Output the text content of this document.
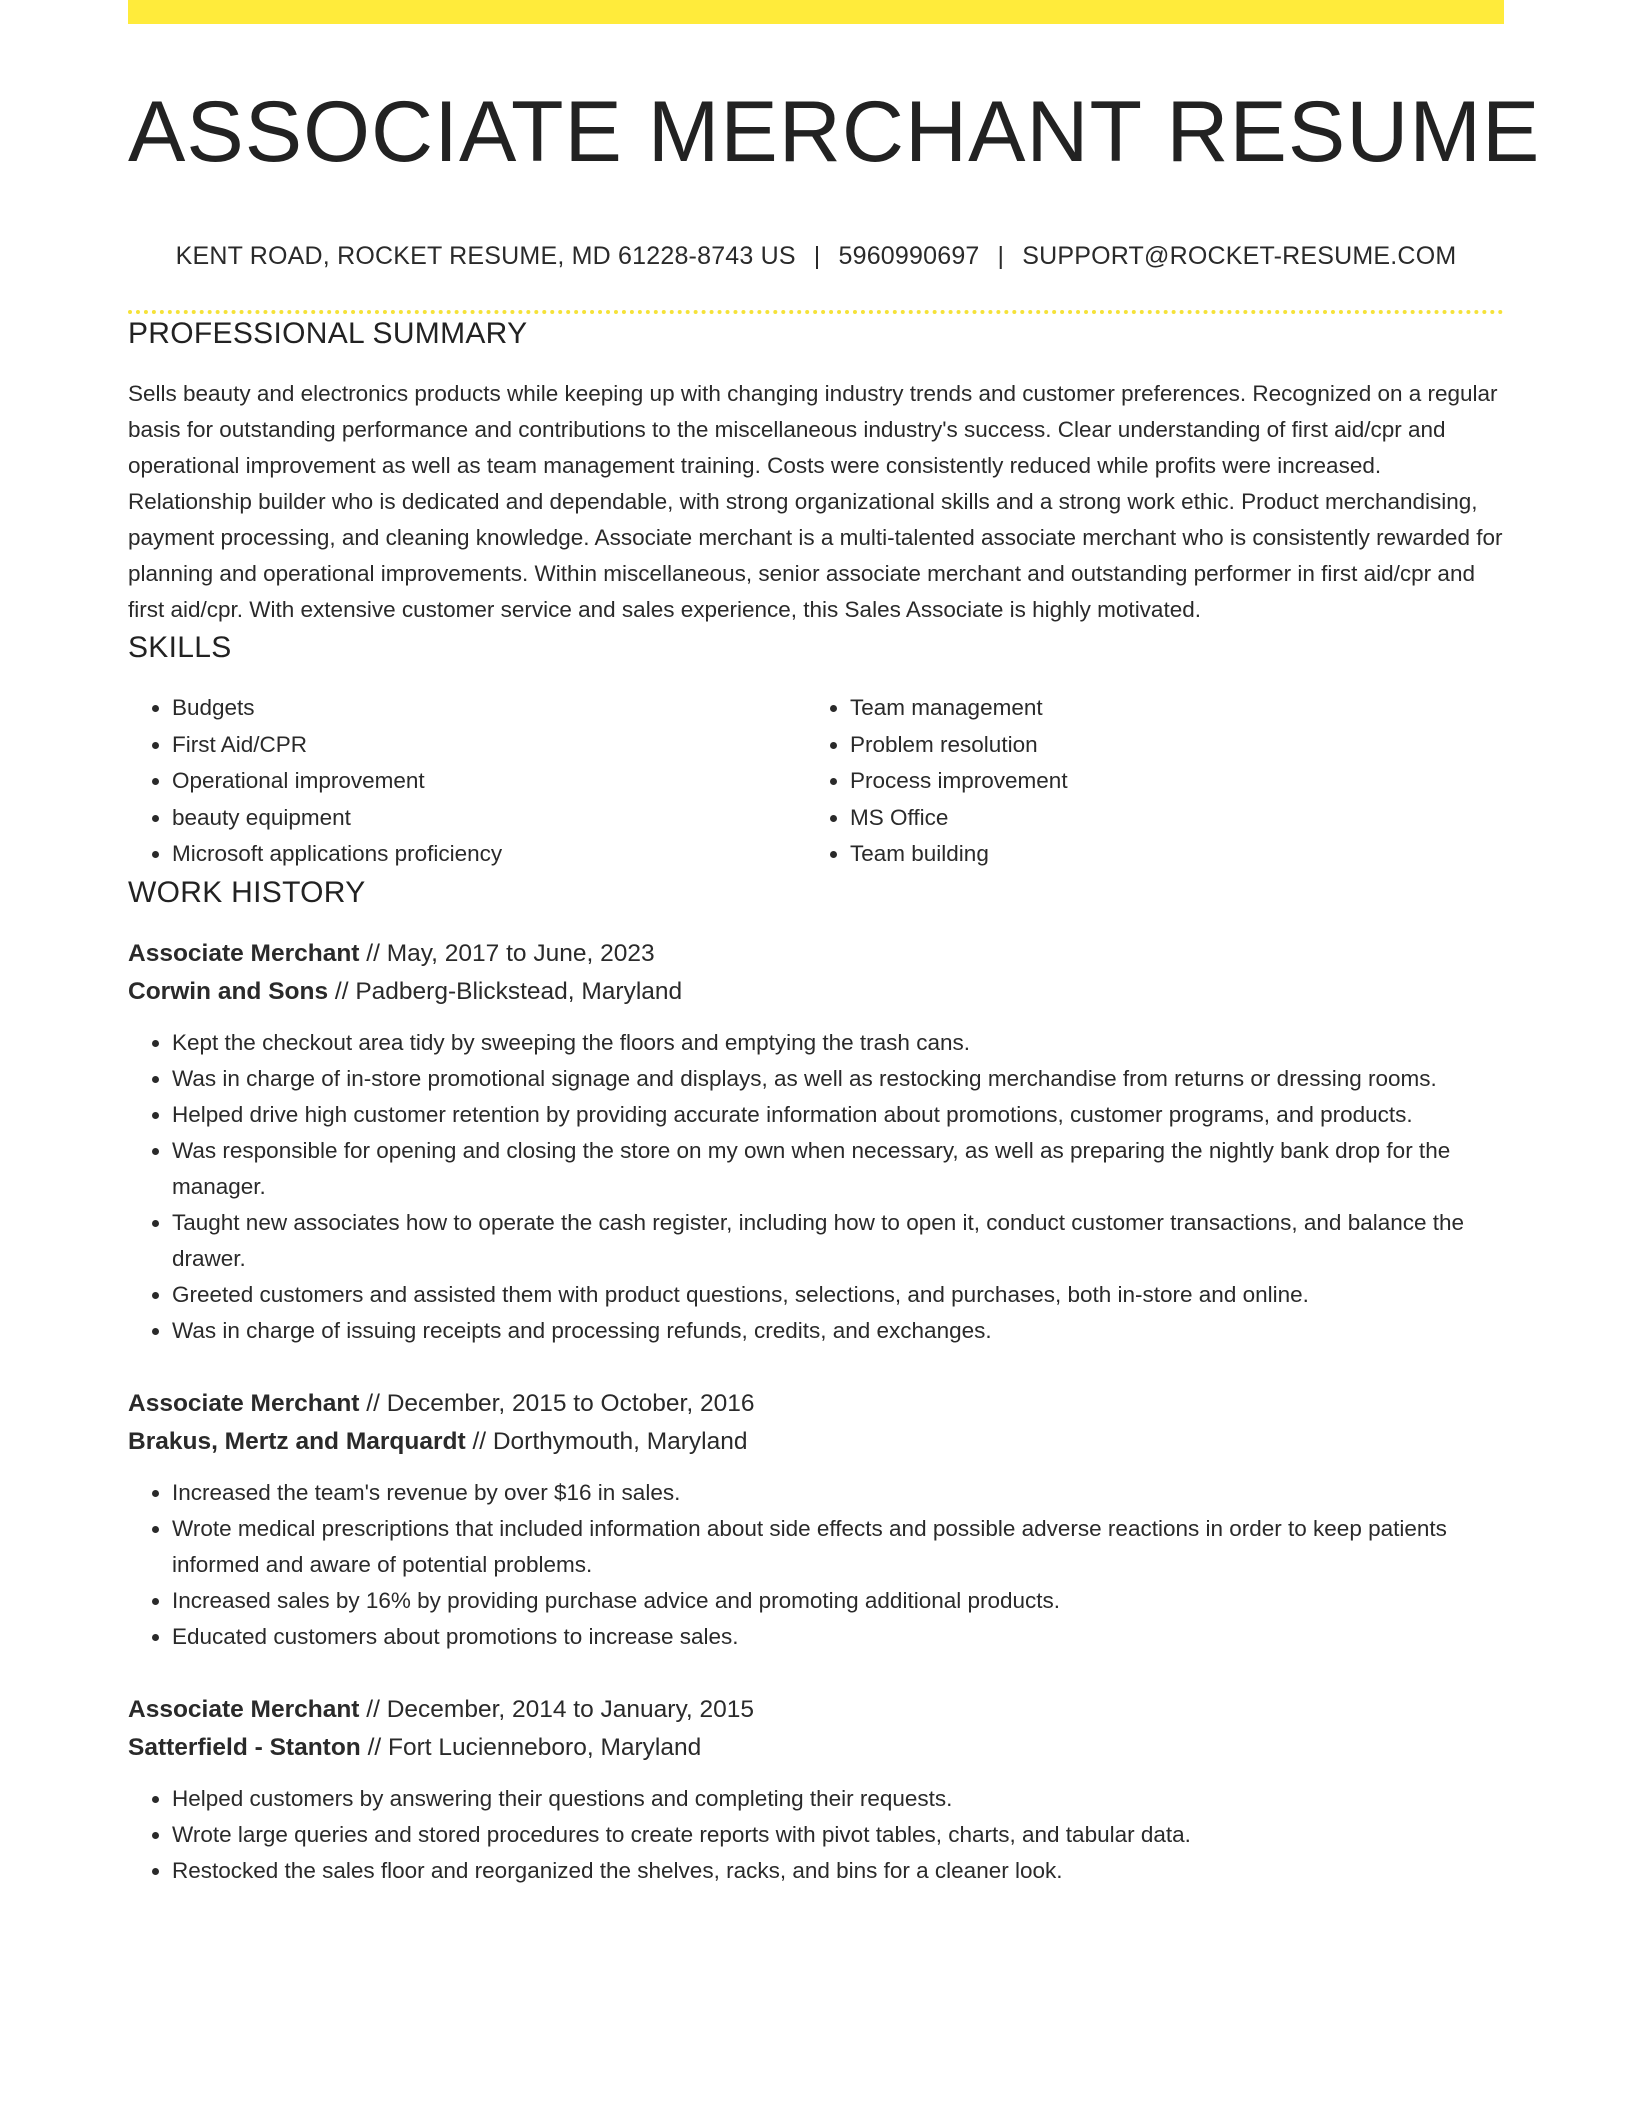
ASSOCIATE MERCHANT RESUME
KENT ROAD, ROCKET RESUME, MD 61228-8743 US | 5960990697 | SUPPORT@ROCKET-RESUME.COM
PROFESSIONAL SUMMARY

Sells beauty and electronics products while keeping up with changing industry trends and customer preferences. Recognized on a regular basis for outstanding performance and contributions to the miscellaneous industry's success. Clear understanding of first aid/cpr and operational improvement as well as team management training. Costs were consistently reduced while profits were increased. Relationship builder who is dedicated and dependable, with strong organizational skills and a strong work ethic. Product merchandising, payment processing, and cleaning knowledge. Associate merchant is a multi-talented associate merchant who is consistently rewarded for planning and operational improvements. Within miscellaneous, senior associate merchant and outstanding performer in first aid/cpr and first aid/cpr. With extensive customer service and sales experience, this Sales Associate is highly motivated.

SKILLS
• Budgets
• First Aid/CPR
• Operational improvement
• beauty equipment
• Microsoft applications proficiency
• Team management
• Problem resolution
• Process improvement
• MS Office
• Team building
WORK HISTORY
Associate Merchant // May, 2017 to June, 2023
Corwin and Sons // Padberg-Blickstead, Maryland
• Kept the checkout area tidy by sweeping the floors and emptying the trash cans.
• Was in charge of in-store promotional signage and displays, as well as restocking merchandise from returns or dressing rooms.
• Helped drive high customer retention by providing accurate information about promotions, customer programs, and products.
• Was responsible for opening and closing the store on my own when necessary, as well as preparing the nightly bank drop for the manager.
• Taught new associates how to operate the cash register, including how to open it, conduct customer transactions, and balance the drawer.
• Greeted customers and assisted them with product questions, selections, and purchases, both in-store and online.
• Was in charge of issuing receipts and processing refunds, credits, and exchanges.
Associate Merchant // December, 2015 to October, 2016
Brakus, Mertz and Marquardt // Dorthymouth, Maryland
• Increased the team's revenue by over $16 in sales.
• Wrote medical prescriptions that included information about side effects and possible adverse reactions in order to keep patients informed and aware of potential problems.
• Increased sales by 16% by providing purchase advice and promoting additional products.
• Educated customers about promotions to increase sales.
Associate Merchant // December, 2014 to January, 2015
Satterfield - Stanton // Fort Lucienneboro, Maryland
• Helped customers by answering their questions and completing their requests.
• Wrote large queries and stored procedures to create reports with pivot tables, charts, and tabular data.
• Restocked the sales floor and reorganized the shelves, racks, and bins for a cleaner look.
